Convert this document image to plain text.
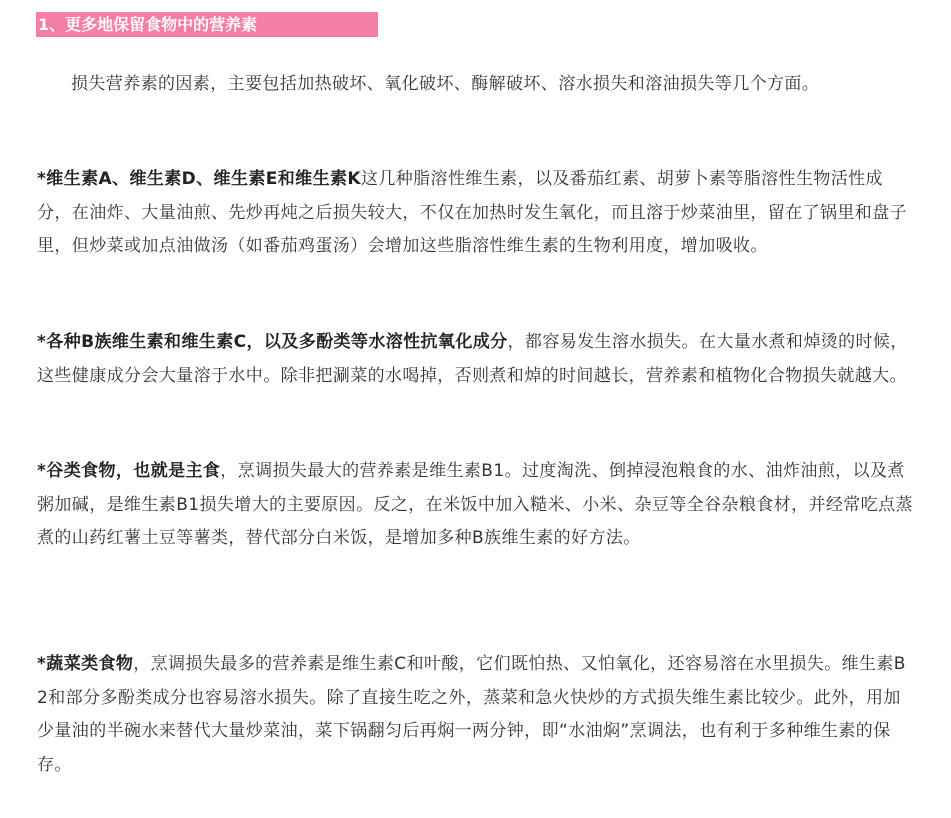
1、更多地保留食物中的营养素

损失营养素的因素，主要包括加热破坏、氧化破坏、酶解破坏、溶水损失和溶油损失等几个方面。

*维生素A、维生素D、维生素E和维生素K这几种脂溶性维生素，以及番茄红素、胡萝卜素等脂溶性生物活性成分，在油炸、大量油煎、先炒再炖之后损失较大，不仅在加热时发生氧化，而且溶于炒菜油里，留在了锅里和盘子里，但炒菜或加点油做汤（如番茄鸡蛋汤）会增加这些脂溶性维生素的生物利用度，增加吸收。

*各种B族维生素和维生素C，以及多酚类等水溶性抗氧化成分，都容易发生溶水损失。在大量水煮和焯烫的时候，这些健康成分会大量溶于水中。除非把涮菜的水喝掉，否则煮和焯的时间越长，营养素和植物化合物损失就越大。

*谷类食物，也就是主食，烹调损失最大的营养素是维生素B1。过度淘洗、倒掉浸泡粮食的水、油炸油煎，以及煮粥加碱，是维生素B1损失增大的主要原因。反之，在米饭中加入糙米、小米、杂豆等全谷杂粮食材，并经常吃点蒸煮的山药红薯土豆等薯类，替代部分白米饭，是增加多种B族维生素的好方法。

*蔬菜类食物，烹调损失最多的营养素是维生素C和叶酸，它们既怕热、又怕氧化，还容易溶在水里损失。维生素B2和部分多酚类成分也容易溶水损失。除了直接生吃之外，蒸菜和急火快炒的方式损失维生素比较少。此外，用加少量油的半碗水来替代大量炒菜油，菜下锅翻匀后再焖一两分钟，即“水油焖”烹调法，也有利于多种维生素的保存。
